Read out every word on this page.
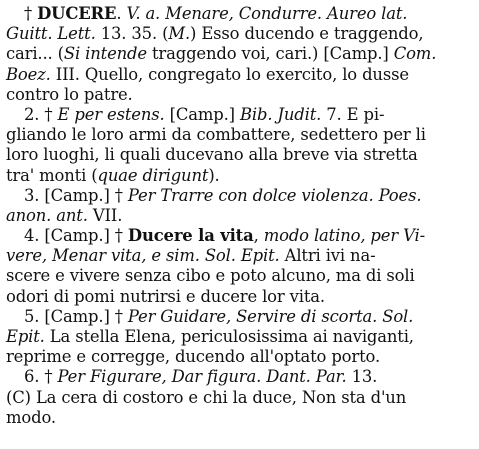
† DUCERE. V. a. Menare, Condurre. Aureo lat.
Guitt. Lett. 13. 35. (M.) Esso ducendo e traggendo,
cari... (Si intende traggendo voi, cari.) [Camp.] Com.
Boez. III. Quello, congregato lo exercito, lo dusse
contro lo patre.
2. † E per estens. [Camp.] Bib. Judit. 7. E pi-
gliando le loro armi da combattere, sedettero per li
loro luoghi, li quali ducevano alla breve via stretta
tra' monti (quae dirigunt).
3. [Camp.] † Per Trarre con dolce violenza. Poes.
anon. ant. VII.
4. [Camp.] † Ducere la vita, modo latino, per Vi-
vere, Menar vita, e sim. Sol. Epit. Altri ivi na-
scere e vivere senza cibo e poto alcuno, ma di soli
odori di pomi nutrirsi e ducere lor vita.
5. [Camp.] † Per Guidare, Servire di scorta. Sol.
Epit. La stella Elena, periculosissima ai naviganti,
reprime e corregge, ducendo all'optato porto.
6. † Per Figurare, Dar figura. Dant. Par. 13.
(C) La cera di costoro e chi la duce, Non sta d'un
modo.
